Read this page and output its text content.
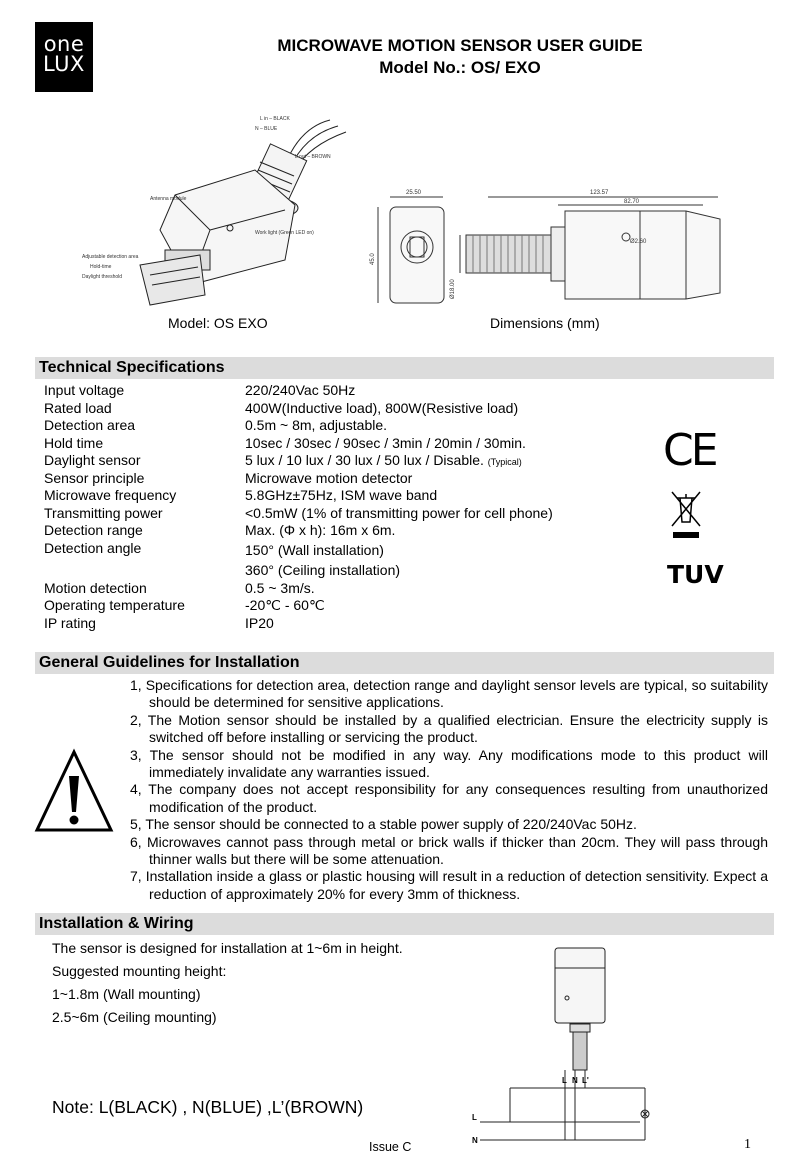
one
LUX
MICROWAVE MOTION SENSOR USER GUIDE
Model No.: OS/ EXO
L in – BLACK
N – BLUE
L out – BROWN
Antenna module
Work light (Green LED on)
Adjustable detection area
Hold-time
Daylight threshold
25.50
45.0
Ø18.00
123.57
82.70
Ø2.60
Model: OS EXO	Dimensions (mm)
Technical Specifications
Input voltage	220/240Vac 50Hz
Rated load	400W(Inductive load), 800W(Resistive load)
Detection area	0.5m ~ 8m, adjustable.
Hold time	10sec / 30sec / 90sec / 3min / 20min / 30min.
Daylight sensor	5 lux / 10 lux / 30 lux / 50 lux / Disable. (Typical)
Sensor principle	Microwave motion detector
Microwave frequency	5.8GHz±75Hz, ISM wave band
Transmitting power	<0.5mW (1% of transmitting power for cell phone)
Detection range	Max. (Φ x h): 16m x 6m.
Detection angle	150° (Wall installation)
360° (Ceiling installation)
Motion detection	0.5 ~ 3m/s.
Operating temperature	-20℃ - 60℃
IP rating	IP20
CE
TUV
General Guidelines for Installation
1, Specifications for detection area, detection range and daylight sensor levels are typical, so suitability should be determined for sensitive applications.
2, The Motion sensor should be installed by a qualified electrician. Ensure the electricity supply is switched off before installing or servicing the product.
3, The sensor should not be modified in any way. Any modifications mode to this product will immediately invalidate any warranties issued.
4, The company does not accept responsibility for any consequences resulting from unauthorized modification of the product.
5, The sensor should be connected to a stable power supply of 220/240Vac 50Hz.
6, Microwaves cannot pass through metal or brick walls if thicker than 20cm. They will pass through thinner walls but there will be some attenuation.
7, Installation inside a glass or plastic housing will result in a reduction of detection sensitivity. Expect a reduction of approximately 20% for every 3mm of thickness.
Installation & Wiring
The sensor is designed for installation at 1~6m in height.
Suggested mounting height:
1~1.8m (Wall mounting)
2.5~6m (Ceiling mounting)
Note: L(BLACK) , N(BLUE) ,L’(BROWN)
L N L'
L
N
Issue C	1
